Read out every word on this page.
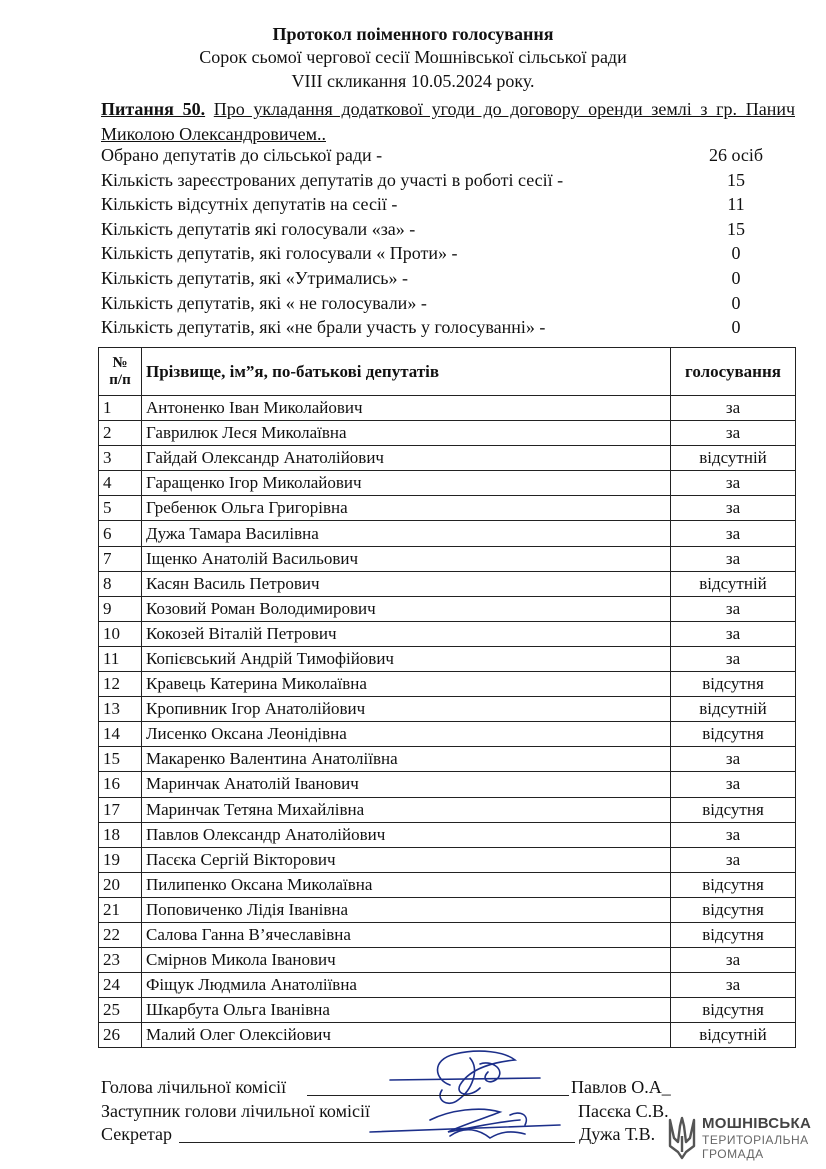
Протокол поіменного голосування
Сорок сьомої чергової сесії Мошнівської сільської ради
VIII скликання 10.05.2024 року.
Питання 50. Про укладання додаткової угоди до договору оренди землі з гр. Панич Миколою Олександровичем..
Обрано депутатів до сільської ради -	26 осіб
Кількість зареєстрованих депутатів до участі в роботі сесії -	15
Кількість відсутніх депутатів на сесії -	11
Кількість депутатів які голосували «за» -	15
Кількість депутатів, які голосували « Проти» -	0
Кількість депутатів, які «Утримались» -	0
Кількість депутатів, які « не голосували» -	0
Кількість депутатів, які «не брали участь у голосуванні» -	0
№
п/п	Прізвище, ім”я, по-батькові депутатів	голосування
1	Антоненко Іван Миколайович	за
2	Гаврилюк Леся Миколаївна	за
3	Гайдай Олександр Анатолійович	відсутній
4	Гаращенко Ігор Миколайович	за
5	Гребенюк Ольга Григорівна	за
6	Дужа Тамара Василівна	за
7	Іщенко Анатолій Васильович	за
8	Касян Василь Петрович	відсутній
9	Козовий Роман Володимирович	за
10	Кокозей Віталій Петрович	за
11	Копієвський Андрій Тимофійович	за
12	Кравець Катерина Миколаївна	відсутня
13	Кропивник Ігор Анатолійович	відсутній
14	Лисенко Оксана Леонідівна	відсутня
15	Макаренко Валентина Анатоліївна	за
16	Маринчак Анатолій Іванович	за
17	Маринчак Тетяна Михайлівна	відсутня
18	Павлов Олександр Анатолійович	за
19	Пасєка Сергій Вікторович	за
20	Пилипенко Оксана Миколаївна	відсутня
21	Поповиченко Лідія Іванівна	відсутня
22	Салова Ганна В’ячеславівна	відсутня
23	Смірнов Микола Іванович	за
24	Фіщук Людмила Анатоліївна	за
25	Шкарбута Ольга Іванівна	відсутня
26	Малий Олег Олексійович	відсутній
Голова лічильної комісії	Павлов О.А_
Заступник голови лічильної комісії	Пасєка С.В.
Секретар	Дужа Т.В.
МОШНІВСЬКА
ТЕРИТОРІАЛЬНА
ГРОМАДА
